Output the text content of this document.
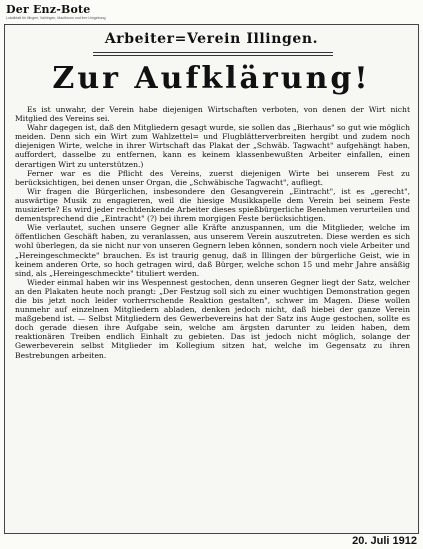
Der Enz-Bote
Lokalblatt für Illingen, Vaihingen, Maulbronn und ihre Umgebung
Arbeiter=Verein Illingen.
Zur Aufklärung!

Es ist unwahr, der Verein habe diejenigen Wirtschaften verboten, von denen der Wirt nicht Mitglied des Vereins sei.

Wahr dagegen ist, daß den Mitgliedern gesagt wurde, sie sollen das „Bierhaus" so gut wie möglich meiden. Denn sich ein Wirt zum Wahlzettel= und Flugblätterverbreiten hergibt und zudem noch diejenigen Wirte, welche in ihrer Wirtschaft das Plakat der „Schwäb. Tagwacht" aufgehängt haben, auffordert, dasselbe zu entfernen, kann es keinem klassenbewußten Arbeiter einfallen, einen derartigen Wirt zu unterstützen.)

Ferner war es die Pflicht des Vereins, zuerst diejenigen Wirte bei unserem Fest zu berücksichtigen, bei denen unser Organ, die „Schwäbische Tagwacht", aufliegt.

Wir fragen die Bürgerlichen, insbesondere den Gesangverein „Eintracht", ist es „gerecht", auswärtige Musik zu engagieren, weil die hiesige Musikkapelle dem Verein bei seinem Feste musizierte? Es wird jeder rechtdenkende Arbeiter dieses spießbürgerliche Benehmen verurteilen und dementsprechend die „Eintracht" (?) bei ihrem morgigen Feste berücksichtigen.

Wie verlautet, suchen unsere Gegner alle Kräfte anzuspannen, um die Mitglieder, welche im öffentlichen Geschäft haben, zu veranlassen, aus unserem Verein auszutreten. Diese werden es sich wohl überlegen, da sie nicht nur von unseren Gegnern leben können, sondern noch viele Arbeiter und „Hereingeschmeckte" brauchen. Es ist traurig genug, daß in Illingen der bürgerliche Geist, wie in keinem anderen Orte, so hoch getragen wird, daß Bürger, welche schon 15 und mehr Jahre ansäßig sind, als „Hereingeschmeckte" tituliert werden.

Wieder einmal haben wir ins Wespennest gestochen, denn unseren Gegner liegt der Satz, welcher an den Plakaten heute noch prangt: „Der Festzug soll sich zu einer wuchtigen Demonstration gegen die bis jetzt noch leider vorherrschende Reaktion gestalten", schwer im Magen. Diese wollen nunmehr auf einzelnen Mitgliedern abladen, denken jedoch nicht, daß hiebei der ganze Verein maßgebend ist. — Selbst Mitgliedern des Gewerbevereins hat der Satz ins Auge gestochen, sollte es doch gerade diesen ihre Aufgabe sein, welche am ärgsten darunter zu leiden haben, dem reaktionären Treiben endlich Einhalt zu gebieten. Das ist jedoch nicht möglich, solange der Gewerbeverein selbst Mitglieder im Kollegium sitzen hat, welche im Gegensatz zu ihren Bestrebungen arbeiten.

20. Juli 1912
